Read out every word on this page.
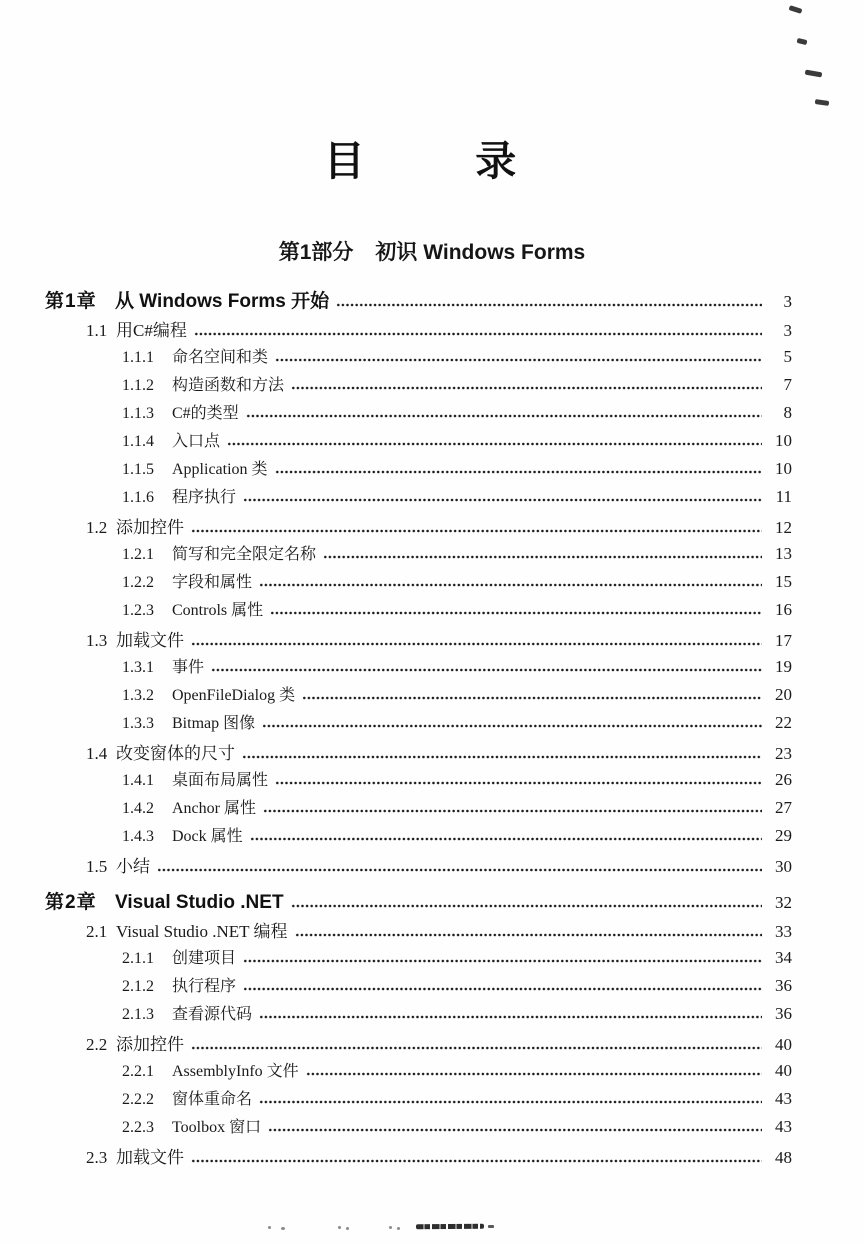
目	录
第1部分 初识 Windows Forms
第1章 从 Windows Forms 开始	3
1.1 用C#编程	3
1.1.1	命名空间和类	5
1.1.2	构造函数和方法	7
1.1.3	C#的类型	8
1.1.4	入口点	10
1.1.5	Application 类	10
1.1.6	程序执行	11
1.2 添加控件	12
1.2.1	简写和完全限定名称	13
1.2.2	字段和属性	15
1.2.3	Controls 属性	16
1.3 加载文件	17
1.3.1	事件	19
1.3.2	OpenFileDialog 类	20
1.3.3	Bitmap 图像	22
1.4 改变窗体的尺寸	23
1.4.1	桌面布局属性	26
1.4.2	Anchor 属性	27
1.4.3	Dock 属性	29
1.5 小结	30
第2章 Visual Studio .NET	32
2.1 Visual Studio .NET 编程	33
2.1.1	创建项目	34
2.1.2	执行程序	36
2.1.3	查看源代码	36
2.2 添加控件	40
2.2.1	AssemblyInfo 文件	40
2.2.2	窗体重命名	43
2.2.3	Toolbox 窗口	43
2.3 加载文件	48
